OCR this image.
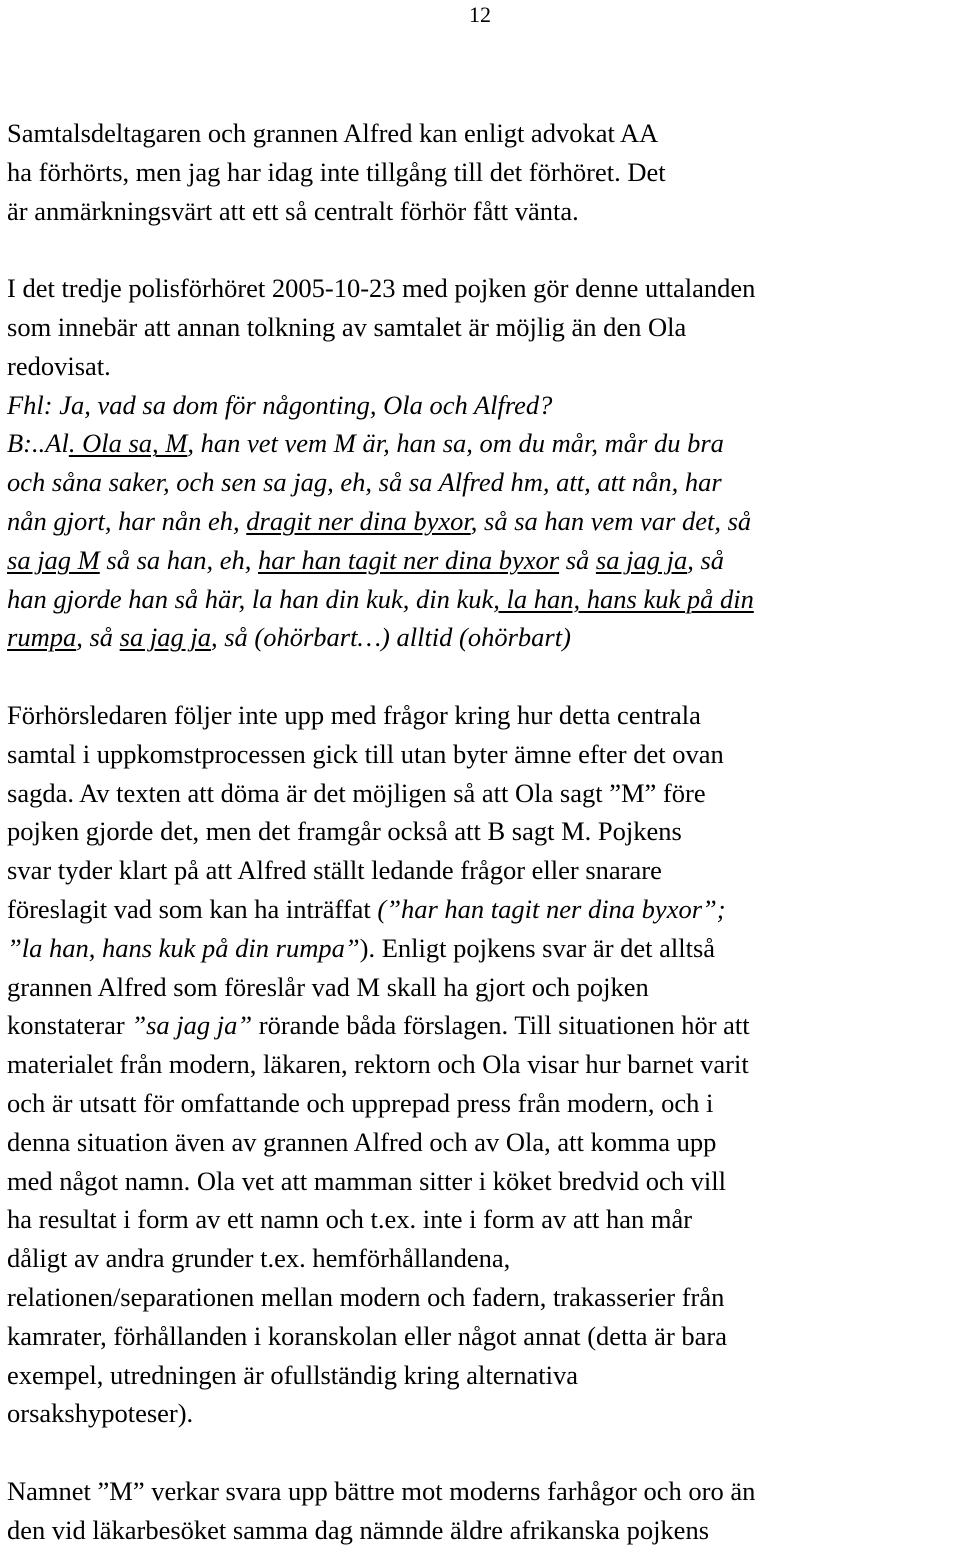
12

Samtalsdeltagaren och grannen Alfred kan enligt advokat AA

ha förhörts, men jag har idag inte tillgång till det förhöret. Det

är anmärkningsvärt att ett så centralt förhör fått vänta.

I det tredje polisförhöret 2005-10-23 med pojken gör denne uttalanden

som innebär att annan tolkning av samtalet är möjlig än den Ola

redovisat.

Fhl: Ja, vad sa dom för någonting, Ola och Alfred?

B:..Al. Ola sa, M, han vet vem M är, han sa, om du mår, mår du bra

och såna saker, och sen sa jag, eh, så sa Alfred hm, att, att nån, har

nån gjort, har nån eh, dragit ner dina byxor, så sa han vem var det, så

sa jag M så sa han, eh, har han tagit ner dina byxor så sa jag ja, så

han gjorde han så här, la han din kuk, din kuk, la han, hans kuk på din

rumpa, så sa jag ja, så (ohörbart…) alltid (ohörbart)

Förhörsledaren följer inte upp med frågor kring hur detta centrala

samtal i uppkomstprocessen gick till utan byter ämne efter det ovan

sagda. Av texten att döma är det möjligen så att Ola sagt ”M” före

pojken gjorde det, men det framgår också att B sagt M. Pojkens

svar tyder klart på att Alfred ställt ledande frågor eller snarare

föreslagit vad som kan ha inträffat (”har han tagit ner dina byxor”;

”la han, hans kuk på din rumpa”). Enligt pojkens svar är det alltså

grannen Alfred som föreslår vad M skall ha gjort och pojken

konstaterar ”sa jag ja” rörande båda förslagen. Till situationen hör att

materialet från modern, läkaren, rektorn och Ola visar hur barnet varit

och är utsatt för omfattande och upprepad press från modern, och i

denna situation även av grannen Alfred och av Ola, att komma upp

med något namn. Ola vet att mamman sitter i köket bredvid och vill

ha resultat i form av ett namn och t.ex. inte i form av att han mår

dåligt av andra grunder t.ex. hemförhållandena,

relationen/separationen mellan modern och fadern, trakasserier från

kamrater, förhållanden i koranskolan eller något annat (detta är bara

exempel, utredningen är ofullständig kring alternativa

orsakshypoteser).

Namnet ”M” verkar svara upp bättre mot moderns farhågor och oro än

den vid läkarbesöket samma dag nämnde äldre afrikanska pojkens
